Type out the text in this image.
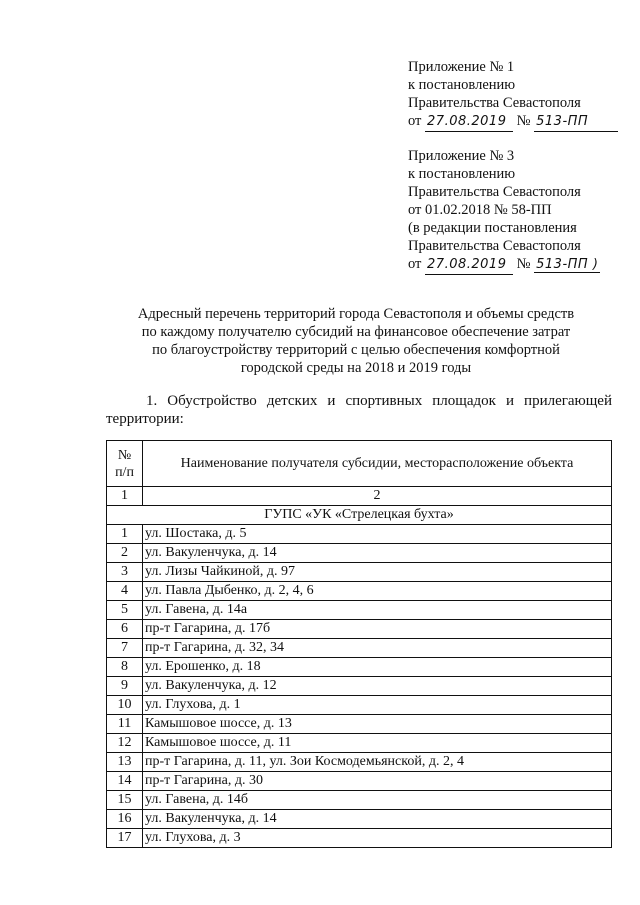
Приложение № 1
к постановлению
Правительства Севастополя
от 27.08.2019 № 513-ПП
Приложение № 3
к постановлению
Правительства Севастополя
от 01.02.2018 № 58-ПП
(в редакции постановления
Правительства Севастополя
от 27.08.2019 № 513-ПП )
Адресный перечень территорий города Севастополя и объемы средств
по каждому получателю субсидий на финансовое обеспечение затрат
по благоустройству территорий с целью обеспечения комфортной
городской среды на 2018 и 2019 годы
1. Обустройство детских и спортивных площадок и прилегающей территории:
№
п/п	Наименование получателя субсидии, месторасположение объекта
1	2
ГУПС «УК «Стрелецкая бухта»	
1	ул. Шостака, д. 5
2	ул. Вакуленчука, д. 14
3	ул. Лизы Чайкиной, д. 97
4	ул. Павла Дыбенко, д. 2, 4, 6
5	ул. Гавена, д. 14а
6	пр-т Гагарина, д. 17б
7	пр-т Гагарина, д. 32, 34
8	ул. Ерошенко, д. 18
9	ул. Вакуленчука, д. 12
10	ул. Глухова, д. 1
11	Камышовое шоссе, д. 13
12	Камышовое шоссе, д. 11
13	пр-т Гагарина, д. 11, ул. Зои Космодемьянской, д. 2, 4
14	пр-т Гагарина, д. 30
15	ул. Гавена, д. 14б
16	ул. Вакуленчука, д. 14
17	ул. Глухова, д. 3
